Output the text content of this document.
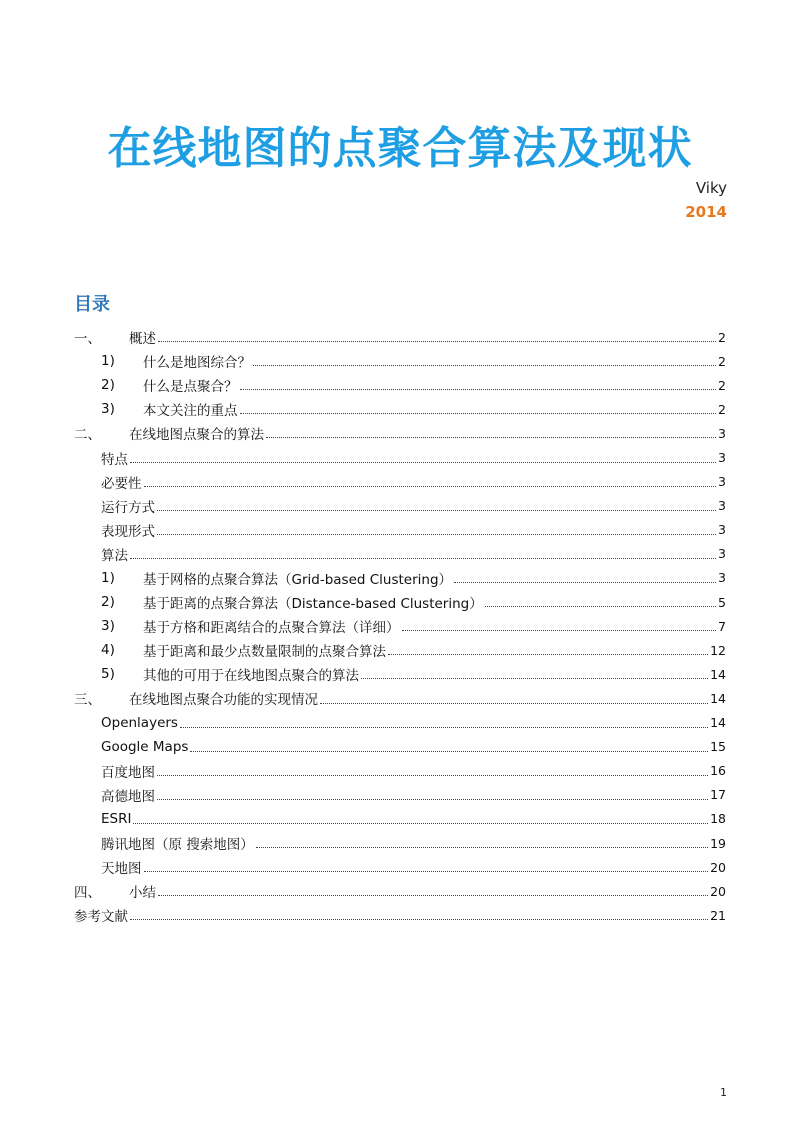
在线地图的点聚合算法及现状
Viky
2014
目录
一、	概述	2
1)	什么是地图综合？	2
2)	什么是点聚合？	2
3)	本文关注的重点	2
二、	在线地图点聚合的算法	3
特点	3
必要性	3
运行方式	3
表现形式	3
算法	3
1)	基于网格的点聚合算法（Grid-based Clustering）	3
2)	基于距离的点聚合算法（Distance-based Clustering）	5
3)	基于方格和距离结合的点聚合算法（详细）	7
4)	基于距离和最少点数量限制的点聚合算法	12
5)	其他的可用于在线地图点聚合的算法	14
三、	在线地图点聚合功能的实现情况	14
Openlayers	14
Google Maps	15
百度地图	16
高德地图	17
ESRI	18
腾讯地图（原 搜索地图）	19
天地图	20
四、	小结	20
参考文献	21
1
